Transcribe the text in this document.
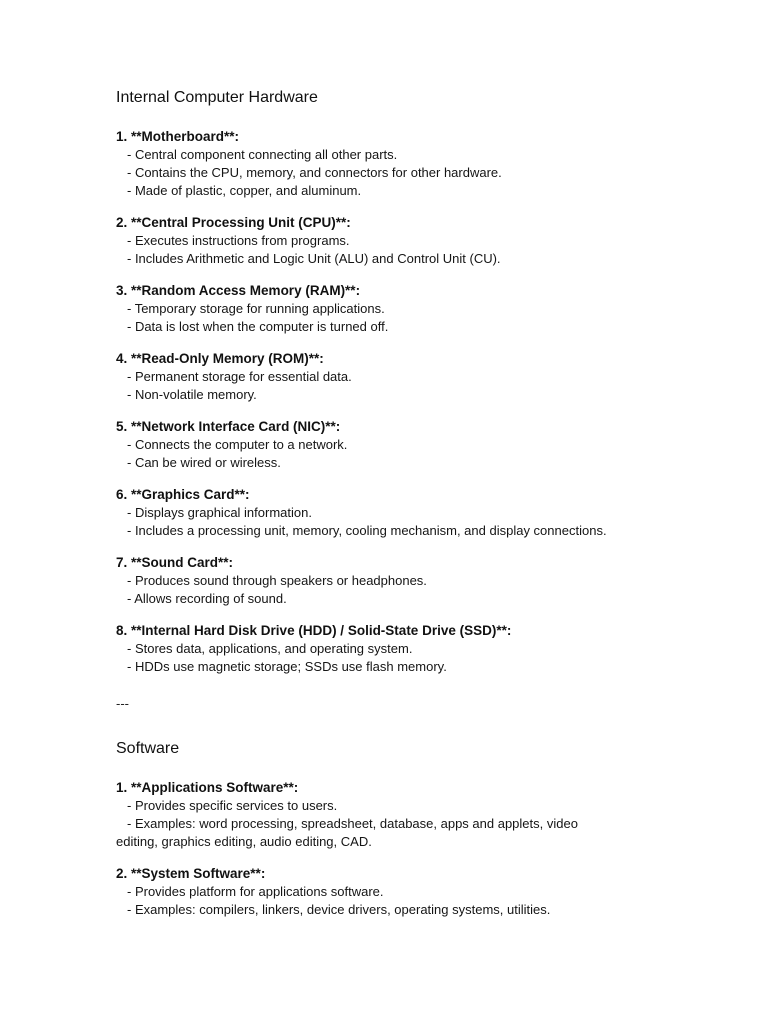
Internal Computer Hardware
1. **Motherboard**:
- Central component connecting all other parts.
- Contains the CPU, memory, and connectors for other hardware.
- Made of plastic, copper, and aluminum.
2. **Central Processing Unit (CPU)**:
- Executes instructions from programs.
- Includes Arithmetic and Logic Unit (ALU) and Control Unit (CU).
3. **Random Access Memory (RAM)**:
- Temporary storage for running applications.
- Data is lost when the computer is turned off.
4. **Read-Only Memory (ROM)**:
- Permanent storage for essential data.
- Non-volatile memory.
5. **Network Interface Card (NIC)**:
- Connects the computer to a network.
- Can be wired or wireless.
6. **Graphics Card**:
- Displays graphical information.
- Includes a processing unit, memory, cooling mechanism, and display connections.
7. **Sound Card**:
- Produces sound through speakers or headphones.
- Allows recording of sound.
8. **Internal Hard Disk Drive (HDD) / Solid-State Drive (SSD)**:
- Stores data, applications, and operating system.
- HDDs use magnetic storage; SSDs use flash memory.
---
Software
1. **Applications Software**:
- Provides specific services to users.
- Examples: word processing, spreadsheet, database, apps and applets, video
editing, graphics editing, audio editing, CAD.
2. **System Software**:
- Provides platform for applications software.
- Examples: compilers, linkers, device drivers, operating systems, utilities.
